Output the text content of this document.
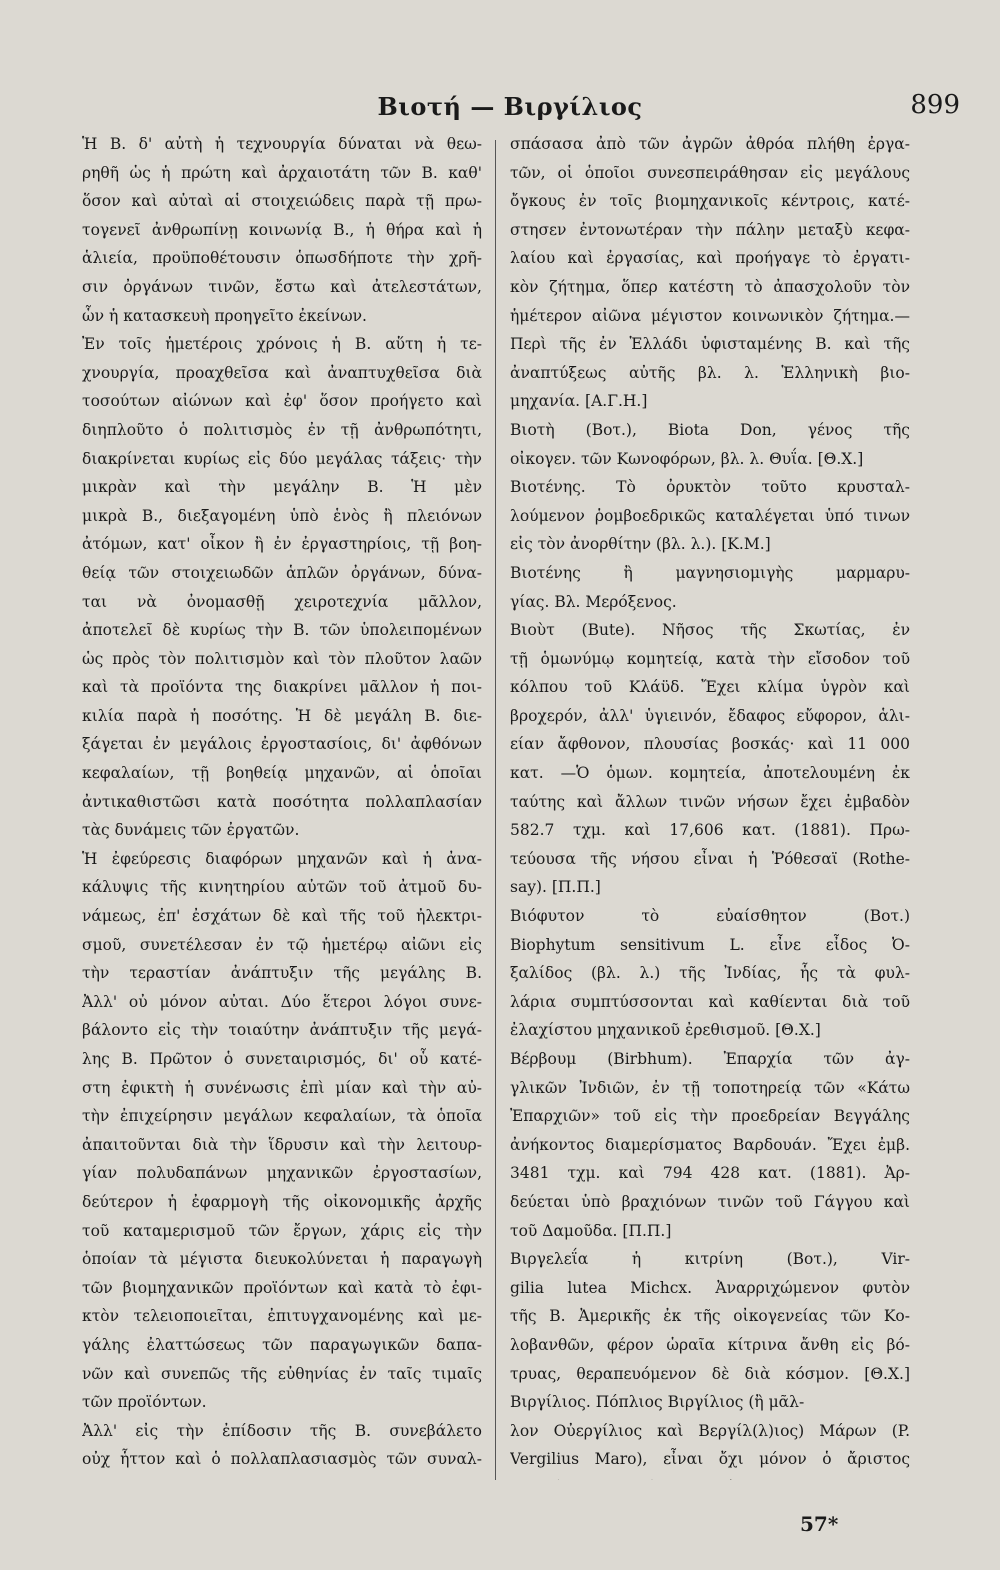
Βιοτή — Βιργίλιος	899
Ἡ Β. δ' αὐτὴ ἡ τεχνουργία δύναται νὰ θεω-
ρηθῆ ὡς ἡ πρώτη καὶ ἀρχαιοτάτη τῶν Β. καθ'
ὅσον καὶ αὐταὶ αἱ στοιχειώδεις παρὰ τῇ πρω-
τογενεῖ ἀνθρωπίνῃ κοινωνίᾳ Β., ἡ θήρα καὶ ἡ
ἁλιεία, προϋποθέτουσιν ὁπωσδήποτε τὴν χρῆ-
σιν ὀργάνων τινῶν, ἔστω καὶ ἀτελεστάτων,
ὧν ἡ κατασκευὴ προηγεῖτο ἐκείνων.
Ἐν τοῖς ἡμετέροις χρόνοις ἡ Β. αὕτη ἡ τε-
χνουργία, προαχθεῖσα καὶ ἀναπτυχθεῖσα διὰ
τοσούτων αἰώνων καὶ ἐφ' ὅσον προήγετο καὶ
διηπλοῦτο ὁ πολιτισμὸς ἐν τῇ ἀνθρωπότητι,
διακρίνεται κυρίως εἰς δύο μεγάλας τάξεις· τὴν
μικρὰν καὶ τὴν μεγάλην Β. Ἡ μὲν
μικρὰ Β., διεξαγομένη ὑπὸ ἑνὸς ἢ πλειόνων
ἀτόμων, κατ' οἶκον ἢ ἐν ἐργαστηρίοις, τῇ βοη-
θείᾳ τῶν στοιχειωδῶν ἁπλῶν ὀργάνων, δύνα-
ται νὰ ὀνομασθῇ χειροτεχνία μᾶλλον,
ἀποτελεῖ δὲ κυρίως τὴν Β. τῶν ὑπολειπομένων
ὡς πρὸς τὸν πολιτισμὸν καὶ τὸν πλοῦτον λαῶν
καὶ τὰ προϊόντα της διακρίνει μᾶλλον ἡ ποι-
κιλία παρὰ ἡ ποσότης. Ἡ δὲ μεγάλη Β. διε-
ξάγεται ἐν μεγάλοις ἐργοστασίοις, δι' ἀφθόνων
κεφαλαίων, τῇ βοηθείᾳ μηχανῶν, αἱ ὁποῖαι
ἀντικαθιστῶσι κατὰ ποσότητα πολλαπλασίαν
τὰς δυνάμεις τῶν ἐργατῶν.
Ἡ ἐφεύρεσις διαφόρων μηχανῶν καὶ ἡ ἀνα-
κάλυψις τῆς κινητηρίου αὐτῶν τοῦ ἀτμοῦ δυ-
νάμεως, ἐπ' ἐσχάτων δὲ καὶ τῆς τοῦ ἠλεκτρι-
σμοῦ, συνετέλεσαν ἐν τῷ ἡμετέρῳ αἰῶνι εἰς
τὴν τεραστίαν ἀνάπτυξιν τῆς μεγάλης Β.
Ἀλλ' οὐ μόνον αὐται. Δύο ἕτεροι λόγοι συνε-
βάλοντο εἰς τὴν τοιαύτην ἀνάπτυξιν τῆς μεγά-
λης Β. Πρῶτον ὁ συνεταιρισμός, δι' οὗ κατέ-
στη ἐφικτὴ ἡ συνένωσις ἐπὶ μίαν καὶ τὴν αὐ-
τὴν ἐπιχείρησιν μεγάλων κεφαλαίων, τὰ ὁποῖα
ἀπαιτοῦνται διὰ τὴν ἵδρυσιν καὶ τὴν λειτουρ-
γίαν πολυδαπάνων μηχανικῶν ἐργοστασίων,
δεύτερον ἡ ἐφαρμογὴ τῆς οἰκονομικῆς ἀρχῆς
τοῦ καταμερισμοῦ τῶν ἔργων, χάρις εἰς τὴν
ὁποίαν τὰ μέγιστα διευκολύνεται ἡ παραγωγὴ
τῶν βιομηχανικῶν προϊόντων καὶ κατὰ τὸ ἐφι-
κτὸν τελειοποιεῖται, ἐπιτυγχανομένης καὶ με-
γάλης ἐλαττώσεως τῶν παραγωγικῶν δαπα-
νῶν καὶ συνεπῶς τῆς εὐθηνίας ἐν ταῖς τιμαῖς
τῶν προϊόντων.
Ἀλλ' εἰς τὴν ἐπίδοσιν τῆς Β. συνεβάλετο
οὐχ ἧττον καὶ ὁ πολλαπλασιασμὸς τῶν συναλ-
σπάσασα ἀπὸ τῶν ἀγρῶν ἀθρόα πλήθη ἐργα-
τῶν, οἱ ὁποῖοι συνεσπειράθησαν εἰς μεγάλους
ὄγκους ἐν τοῖς βιομηχανικοῖς κέντροις, κατέ-
στησεν ἐντονωτέραν τὴν πάλην μεταξὺ κεφα-
λαίου καὶ ἐργασίας, καὶ προήγαγε τὸ ἐργατι-
κὸν ζήτημα, ὅπερ κατέστη τὸ ἀπασχολοῦν τὸν
ἡμέτερον αἰῶνα μέγιστον κοινωνικὸν ζήτημα.—
Περὶ τῆς ἐν Ἑλλάδι ὑφισταμένης Β. καὶ τῆς
ἀναπτύξεως αὐτῆς βλ. λ. Ἑλληνικὴ βιο-
μηχανία. [Α.Γ.Η.]
Βιοτὴ (Βοτ.), Biota Don, γένος τῆς
οἰκογεν. τῶν Κωνοφόρων, βλ. λ. Θυΐα. [Θ.Χ.]
Βιοτένης. Τὸ ὀρυκτὸν τοῦτο κρυσταλ-
λούμενον ῥομβοεδρικῶς καταλέγεται ὑπό τινων
εἰς τὸν ἀνορθίτην (βλ. λ.). [Κ.Μ.]
Βιοτένης ἢ μαγνησιομιγὴς μαρμαρυ-
γίας. Βλ. Μερόξενος.
Βιοὺτ (Bute). Νῆσος τῆς Σκωτίας, ἐν
τῇ ὁμωνύμῳ κομητείᾳ, κατὰ τὴν εἴσοδον τοῦ
κόλπου τοῦ Κλάϋδ. Ἔχει κλίμα ὑγρὸν καὶ
βροχερόν, ἀλλ' ὑγιεινόν, ἔδαφος εὔφορον, ἁλι-
είαν ἄφθονον, πλουσίας βοσκάς· καὶ 11 000
κατ. —Ὁ ὁμων. κομητεία, ἀποτελουμένη ἐκ
ταύτης καὶ ἄλλων τινῶν νήσων ἔχει ἐμβαδὸν
582.7 τχμ. καὶ 17,606 κατ. (1881). Πρω-
τεύουσα τῆς νήσου εἶναι ἡ Ῥόθεσαϊ (Rothe-
say). [Π.Π.]
Βιόφυτον τὸ εὐαίσθητον (Βοτ.)
Biophytum sensitivum L. εἶνε εἶδος Ὀ-
ξαλίδος (βλ. λ.) τῆς Ἰνδίας, ἧς τὰ φυλ-
λάρια συμπτύσσονται καὶ καθίενται διὰ τοῦ
ἐλαχίστου μηχανικοῦ ἐρεθισμοῦ. [Θ.Χ.]
Βέρβουμ (Birbhum). Ἐπαρχία τῶν ἀγ-
γλικῶν Ἰνδιῶν, ἐν τῇ τοποτηρείᾳ τῶν «Κάτω
Ἐπαρχιῶν» τοῦ εἰς τὴν προεδρείαν Βεγγάλης
ἀνήκοντος διαμερίσματος Βαρδουάν. Ἔχει ἐμβ.
3481 τχμ. καὶ 794 428 κατ. (1881). Ἀρ-
δεύεται ὑπὸ βραχιόνων τινῶν τοῦ Γάγγου καὶ
τοῦ Δαμοῦδα. [Π.Π.]
Βιργελεΐα ἡ κιτρίνη (Βοτ.), Vir-
gilia lutea Michcx. Ἀναρριχώμενον φυτὸν
τῆς Β. Ἀμερικῆς ἐκ τῆς οἰκογενείας τῶν Κο-
λοβανθῶν, φέρον ὡραῖα κίτρινα ἄνθη εἰς βό-
τρυας, θεραπευόμενον δὲ διὰ κόσμον. [Θ.Χ.]
Βιργίλιος. Πόπλιος Βιργίλιος (ἢ μᾶλ-
λον Οὐεργίλιος καὶ Βεργίλ(λ)ιος) Μάρων (P.
Vergilius Maro), εἶναι ὄχι μόνον ὁ ἄριστος
57*
